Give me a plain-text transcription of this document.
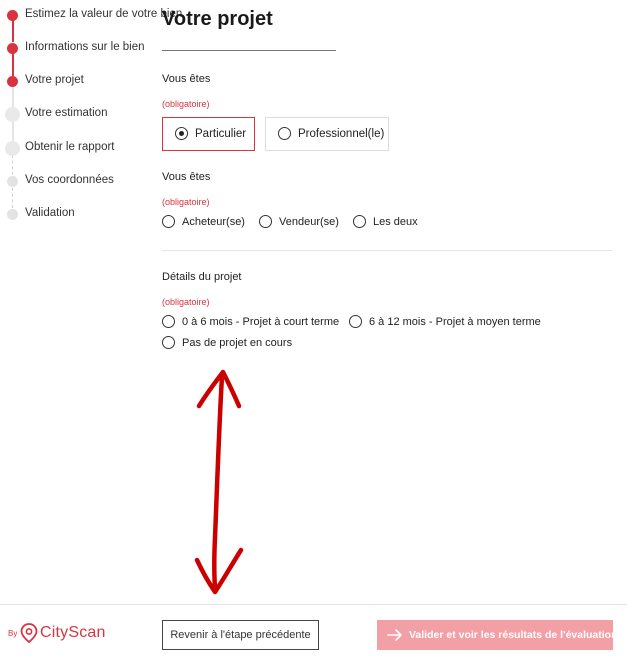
Estimez la valeur de votre bien
Informations sur le bien
Votre projet
Votre estimation
Obtenir le rapport
Vos coordonnées
Validation
Votre projet
Vous êtes
(obligatoire)
Particulier	Professionnel(le)
Vous êtes
(obligatoire)
Acheteur(se)	Vendeur(se)	Les deux
Détails du projet
(obligatoire)
0 à 6 mois - Projet à court terme	6 à 12 mois - Projet à moyen terme
Pas de projet en cours
By CityScan	Revenir à l'étape précédente	Valider et voir les résultats de l'évaluation
